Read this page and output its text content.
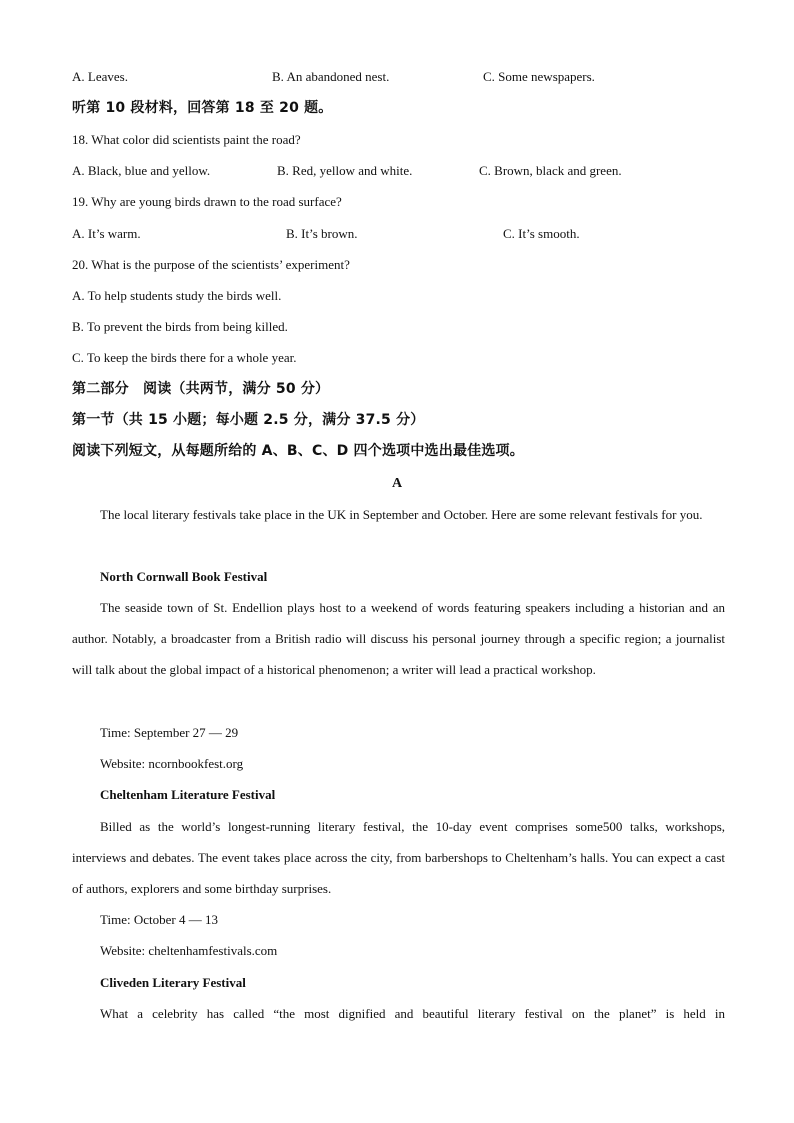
A. Leaves.	B. An abandoned nest.	C. Some newspapers.
听第 10 段材料，回答第 18 至 20 题。
18. What color did scientists paint the road?
A. Black, blue and yellow.	B. Red, yellow and white.	C. Brown, black and green.
19. Why are young birds drawn to the road surface?
A. It’s warm.	B. It’s brown.	C. It’s smooth.
20. What is the purpose of the scientists’ experiment?
A. To help students study the birds well.
B. To prevent the birds from being killed.
C. To keep the birds there for a whole year.
第二部分　阅读（共两节，满分 50 分）
第一节（共 15 小题；每小题 2.5 分，满分 37.5 分）
阅读下列短文，从每题所给的 A、B、C、D 四个选项中选出最佳选项。
A

The local literary festivals take place in the UK in September and October. Here are some relevant festivals for you.

North Cornwall Book Festival

The seaside town of St. Endellion plays host to a weekend of words featuring speakers including a historian and an author. Notably, a broadcaster from a British radio will discuss his personal journey through a specific region; a journalist will talk about the global impact of a historical phenomenon; a writer will lead a practical workshop.

Time: September 27 — 29
Website: ncornbookfest.org
Cheltenham Literature Festival

Billed as the world’s longest-running literary festival, the 10-day event comprises some500 talks, workshops, interviews and debates. The event takes place across the city, from barbershops to Cheltenham’s halls. You can expect a cast of authors, explorers and some birthday surprises.

Time: October 4 — 13
Website: cheltenhamfestivals.com
Cliveden Literary Festival

What a celebrity has called “the most dignified and beautiful literary festival on the planet” is held in
